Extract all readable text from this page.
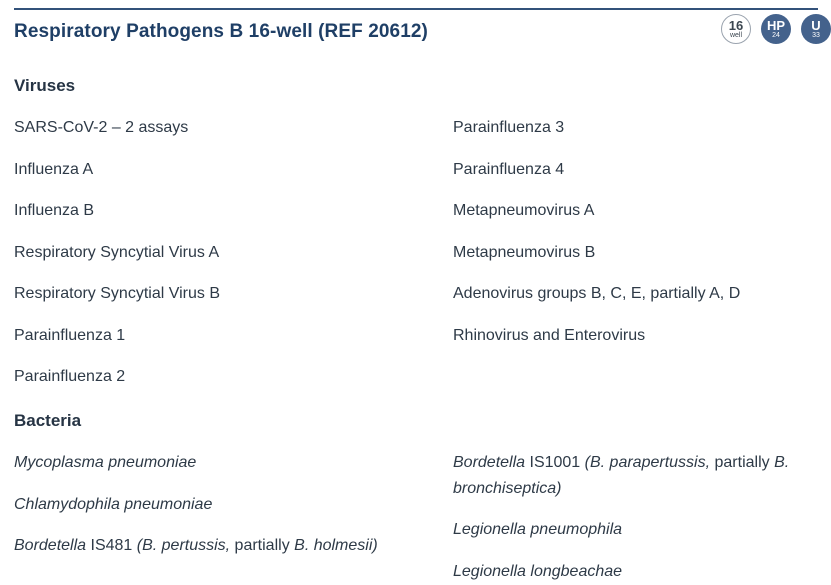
Respiratory Pathogens B 16-well (REF 20612)	16
well
HP
24
U
33
Viruses
SARS-CoV-2 – 2 assays
Influenza A
Influenza B
Respiratory Syncytial Virus A
Respiratory Syncytial Virus B
Parainfluenza 1
Parainfluenza 2
Parainfluenza 3
Parainfluenza 4
Metapneumovirus A
Metapneumovirus B
Adenovirus groups B, C, E, partially A, D
Rhinovirus and Enterovirus
Bacteria
Mycoplasma pneumoniae
Chlamydophila pneumoniae
Bordetella IS481 (B. pertussis, partially B. holmesii)
Bordetella IS1001 (B. parapertussis, partially B. bronchiseptica)
Legionella pneumophila
Legionella longbeachae
